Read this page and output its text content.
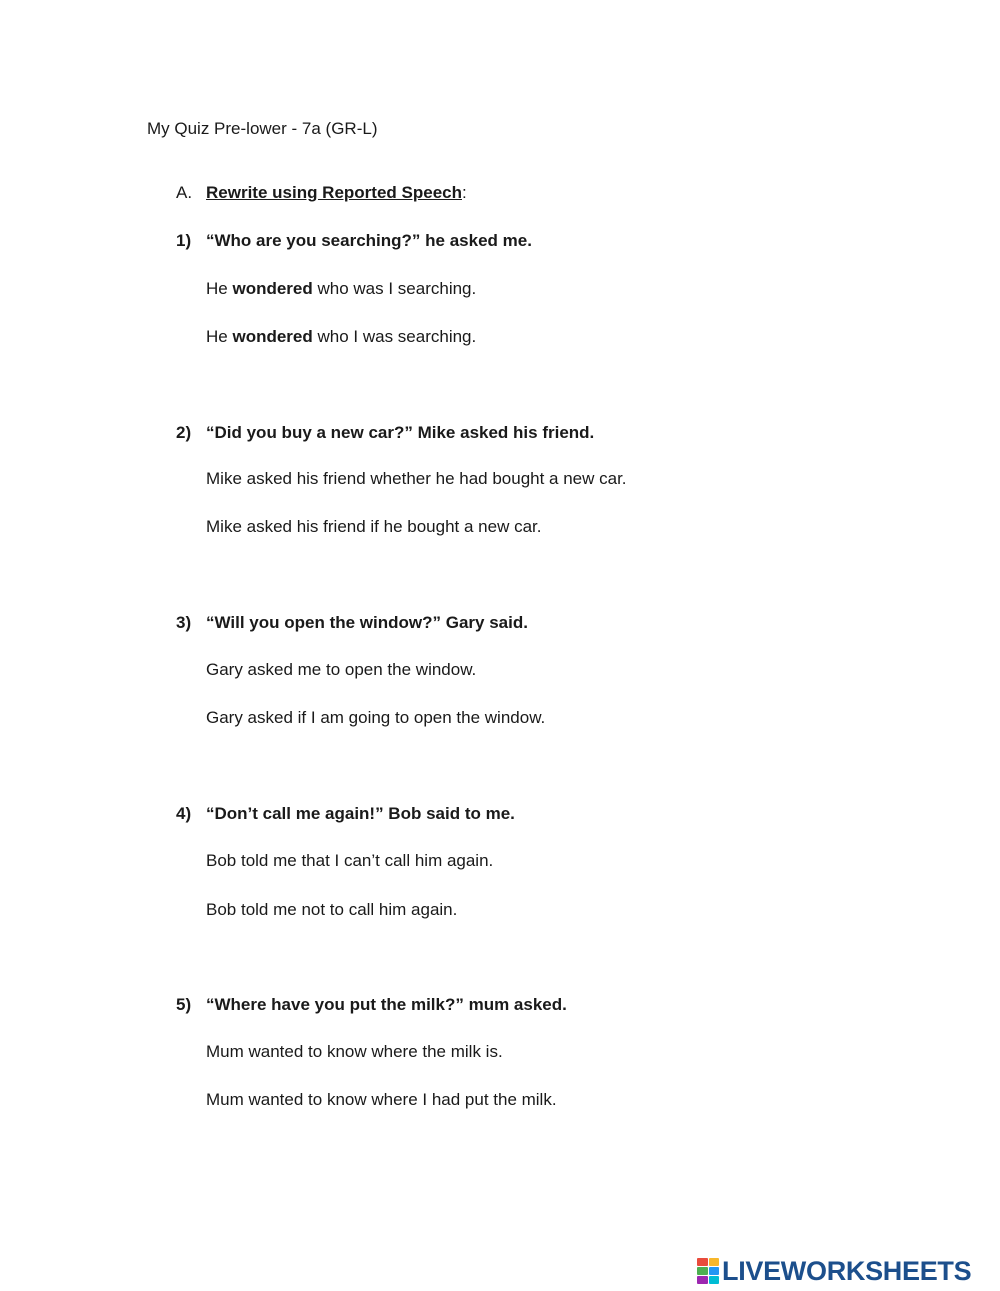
My Quiz Pre-lower - 7a (GR-L)
A. Rewrite using Reported Speech:
1) “Who are you searching?” he asked me.
He wondered who was I searching.
He wondered who I was searching.
2) “Did you buy a new car?” Mike asked his friend.
Mike asked his friend whether he had bought a new car.
Mike asked his friend if he bought a new car.
3) “Will you open the window?” Gary said.
Gary asked me to open the window.
Gary asked if I am going to open the window.
4) “Don’t call me again!” Bob said to me.
Bob told me that I can’t call him again.
Bob told me not to call him again.
5) “Where have you put the milk?” mum asked.
Mum wanted to know where the milk is.
Mum wanted to know where I had put the milk.
LIVEWORKSHEETS
